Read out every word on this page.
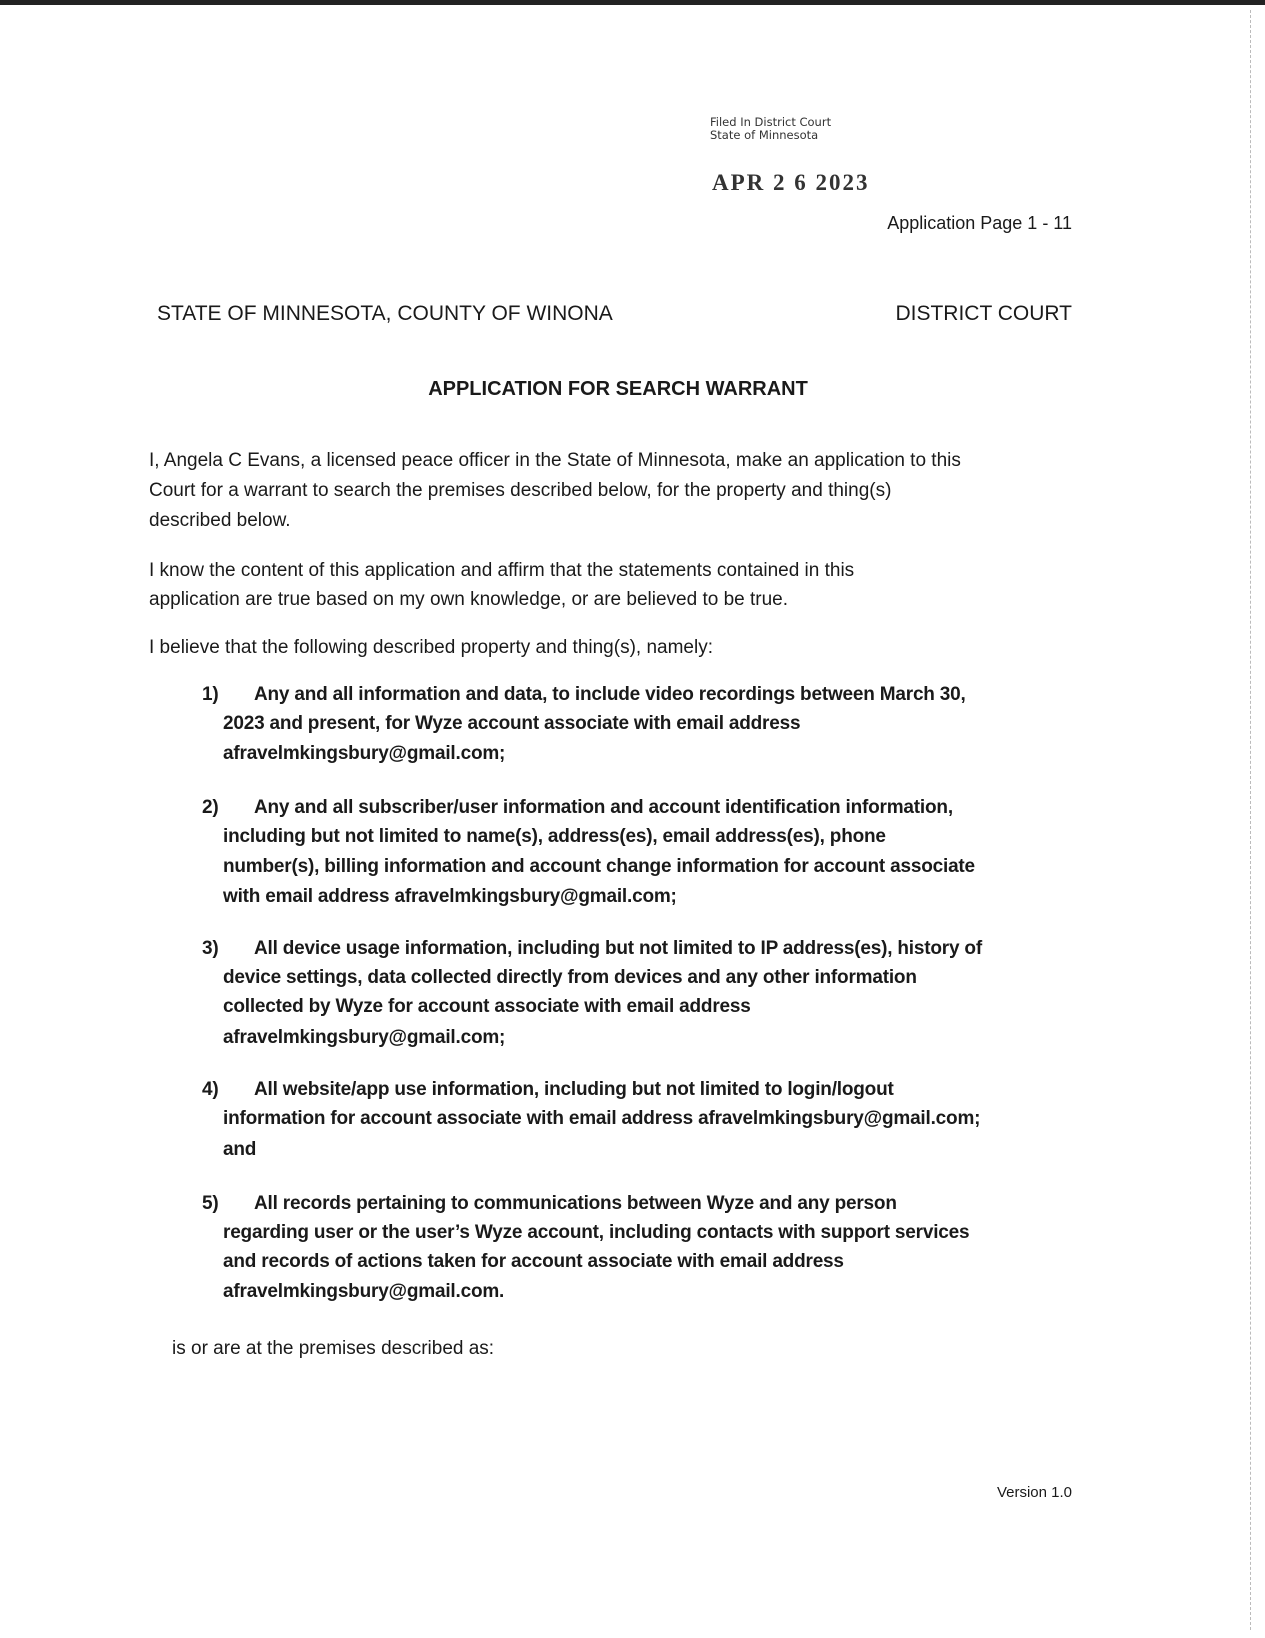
Filed In District Court
State of Minnesota
APR 2 6 2023
Application Page 1 - 11
STATE OF MINNESOTA, COUNTY OF WINONA	DISTRICT COURT
APPLICATION FOR SEARCH WARRANT
I, Angela C Evans, a licensed peace officer in the State of Minnesota, make an application to this
Court for a warrant to search the premises described below, for the property and thing(s)
described below.
I know the content of this application and affirm that the statements contained in this
application are true based on my own knowledge, or are believed to be true.
I believe that the following described property and thing(s), namely:
1) Any and all information and data, to include video recordings between March 30,
2023 and present, for Wyze account associate with email address
afravelmkingsbury@gmail.com;
2) Any and all subscriber/user information and account identification information,
including but not limited to name(s), address(es), email address(es), phone
number(s), billing information and account change information for account associate
with email address afravelmkingsbury@gmail.com;
3) All device usage information, including but not limited to IP address(es), history of
device settings, data collected directly from devices and any other information
collected by Wyze for account associate with email address
afravelmkingsbury@gmail.com;
4) All website/app use information, including but not limited to login/logout
information for account associate with email address afravelmkingsbury@gmail.com;
and
5) All records pertaining to communications between Wyze and any person
regarding user or the user’s Wyze account, including contacts with support services
and records of actions taken for account associate with email address
afravelmkingsbury@gmail.com.
is or are at the premises described as:
Version 1.0
